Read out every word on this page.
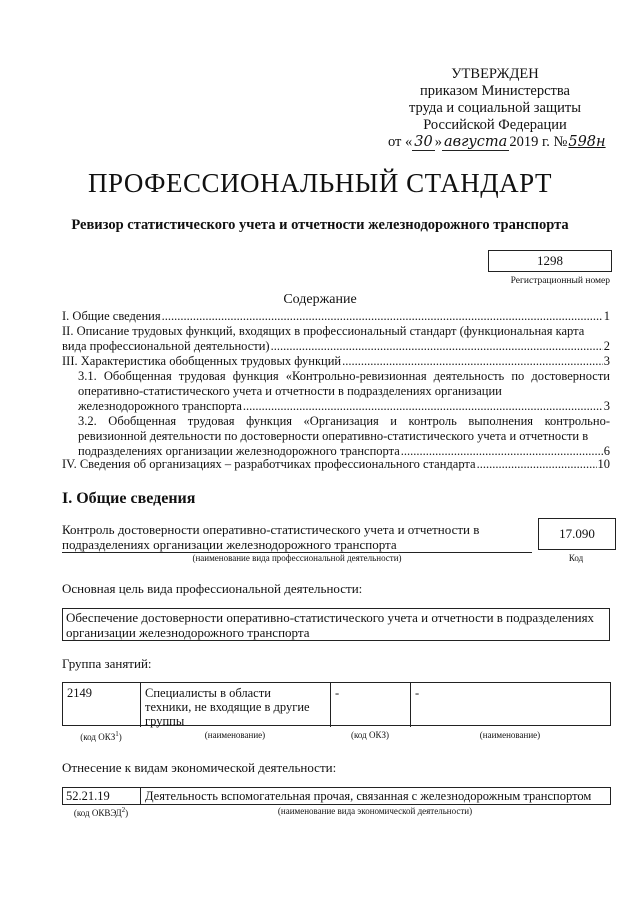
УТВЕРЖДЕН
приказом Министерства
труда и социальной защиты
Российской Федерации
от « 30 » августа 2019 г. №598н
ПРОФЕССИОНАЛЬНЫЙ СТАНДАРТ
Ревизор статистического учета и отчетности железнодорожного транспорта
1298
Регистрационный номер
Содержание
I. Общие сведения .....	1
II. Описание трудовых функций, входящих в профессиональный стандарт (функциональная карта
вида профессиональной деятельности) .....	2
III. Характеристика обобщенных трудовых функций .....	3
3.1. Обобщенная трудовая функция «Контрольно-ревизионная деятельность по достоверности оперативно-статистического учета и отчетности в подразделениях организации
железнодорожного транспорта .....	3
3.2. Обобщенная трудовая функция «Организация и контроль выполнения контрольно-ревизионной деятельности по достоверности оперативно-статистического учета и отчетности в
подразделениях организации железнодорожного транспорта .....	6
IV. Сведения об организациях – разработчиках профессионального стандарта .....	10
I. Общие сведения
Контроль достоверности оперативно-статистического учета и отчетности в
подразделениях организации железнодорожного транспорта
(наименование вида профессиональной деятельности)
17.090
Код
Основная цель вида профессиональной деятельности:
Обеспечение достоверности оперативно-статистического учета и отчетности в подразделениях
организации железнодорожного транспорта
Группа занятий:
2149	Специалисты в области
техники, не входящие в другие
группы
-	-
(код ОКЗ$^1$)	(наименование)	(код ОКЗ)	(наименование)
Отнесение к видам экономической деятельности:
52.21.19	Деятельность вспомогательная прочая, связанная с железнодорожным транспортом
(код ОКВЭД$^2$)	(наименование вида экономической деятельности)
